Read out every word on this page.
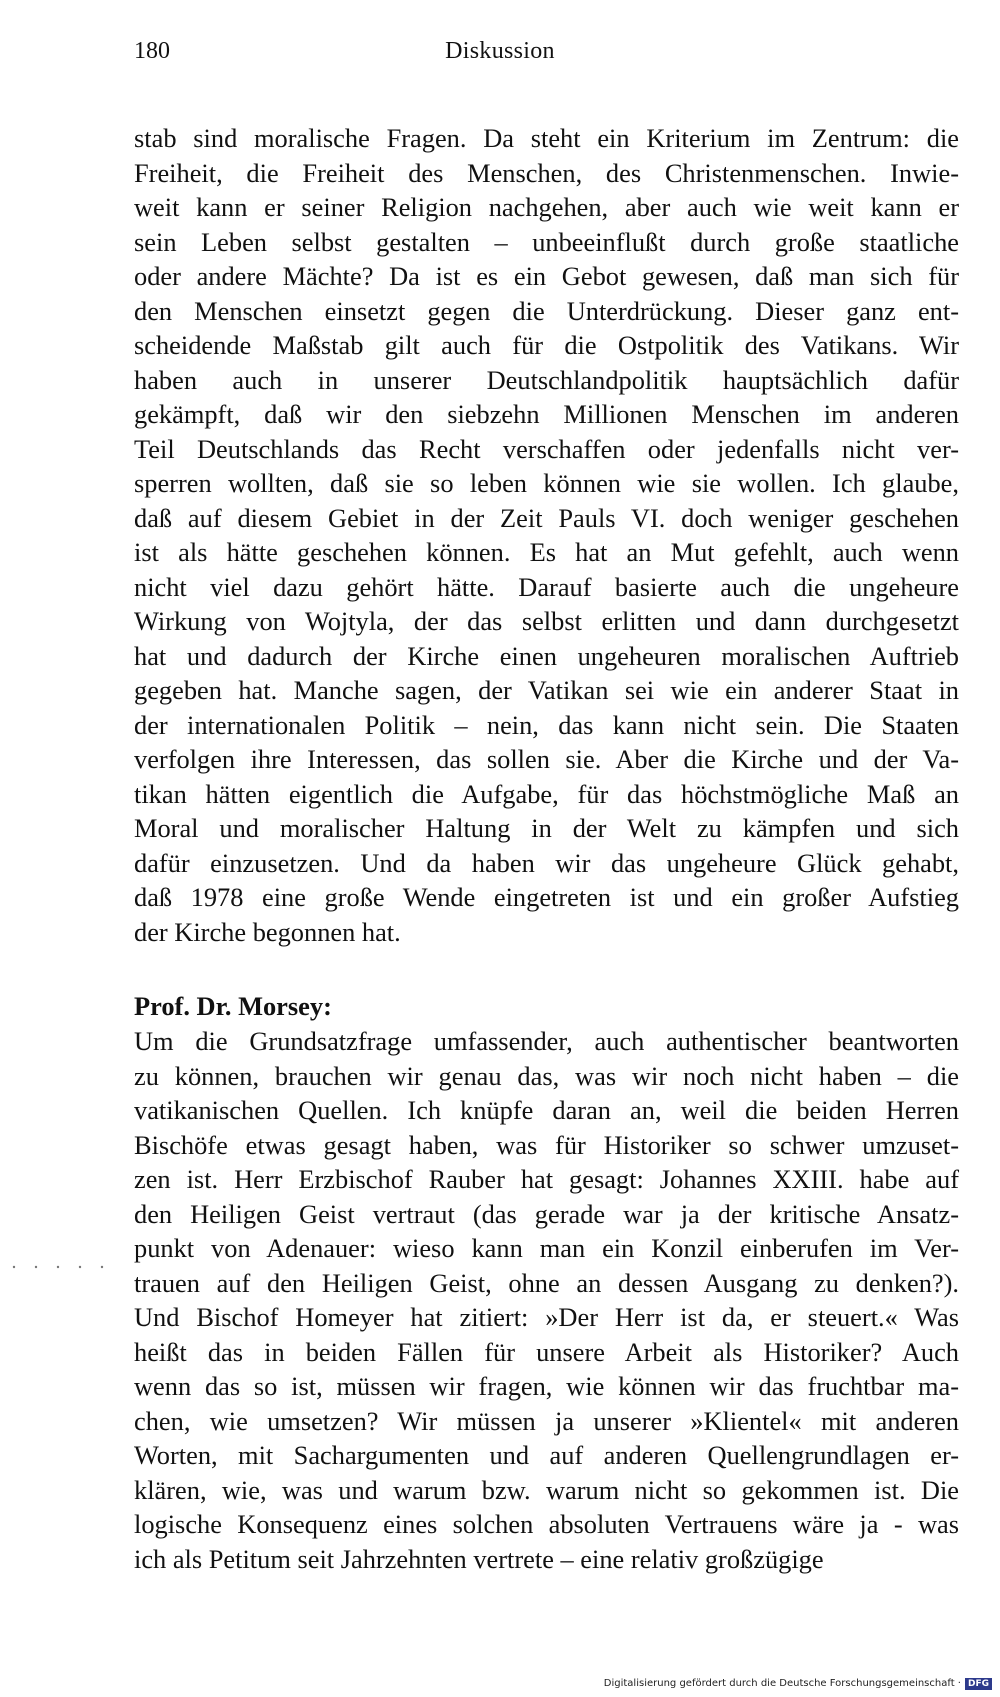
180	Diskussion
stab sind moralische Fragen. Da steht ein Kriterium im Zentrum: die
Freiheit, die Freiheit des Menschen, des Christenmenschen. Inwie-
weit kann er seiner Religion nachgehen, aber auch wie weit kann er
sein Leben selbst gestalten – unbeeinflußt durch große staatliche
oder andere Mächte? Da ist es ein Gebot gewesen, daß man sich für
den Menschen einsetzt gegen die Unterdrückung. Dieser ganz ent-
scheidende Maßstab gilt auch für die Ostpolitik des Vatikans. Wir
haben auch in unserer Deutschlandpolitik hauptsächlich dafür
gekämpft, daß wir den siebzehn Millionen Menschen im anderen
Teil Deutschlands das Recht verschaffen oder jedenfalls nicht ver-
sperren wollten, daß sie so leben können wie sie wollen. Ich glaube,
daß auf diesem Gebiet in der Zeit Pauls VI. doch weniger geschehen
ist als hätte geschehen können. Es hat an Mut gefehlt, auch wenn
nicht viel dazu gehört hätte. Darauf basierte auch die ungeheure
Wirkung von Wojtyla, der das selbst erlitten und dann durchgesetzt
hat und dadurch der Kirche einen ungeheuren moralischen Auftrieb
gegeben hat. Manche sagen, der Vatikan sei wie ein anderer Staat in
der internationalen Politik – nein, das kann nicht sein. Die Staaten
verfolgen ihre Interessen, das sollen sie. Aber die Kirche und der Va-
tikan hätten eigentlich die Aufgabe, für das höchstmögliche Maß an
Moral und moralischer Haltung in der Welt zu kämpfen und sich
dafür einzusetzen. Und da haben wir das ungeheure Glück gehabt,
daß 1978 eine große Wende eingetreten ist und ein großer Aufstieg
der Kirche begonnen hat.
Prof. Dr. Morsey:
Um die Grundsatzfrage umfassender, auch authentischer beantworten
zu können, brauchen wir genau das, was wir noch nicht haben – die
vatikanischen Quellen. Ich knüpfe daran an, weil die beiden Herren
Bischöfe etwas gesagt haben, was für Historiker so schwer umzuset-
zen ist. Herr Erzbischof Rauber hat gesagt: Johannes XXIII. habe auf
den Heiligen Geist vertraut (das gerade war ja der kritische Ansatz-
punkt von Adenauer: wieso kann man ein Konzil einberufen im Ver-
trauen auf den Heiligen Geist, ohne an dessen Ausgang zu denken?).
Und Bischof Homeyer hat zitiert: »Der Herr ist da, er steuert.« Was
heißt das in beiden Fällen für unsere Arbeit als Historiker? Auch
wenn das so ist, müssen wir fragen, wie können wir das fruchtbar ma-
chen, wie umsetzen? Wir müssen ja unserer »Klientel« mit anderen
Worten, mit Sachargumenten und auf anderen Quellengrundlagen er-
klären, wie, was und warum bzw. warum nicht so gekommen ist. Die
logische Konsequenz eines solchen absoluten Vertrauens wäre ja - was
ich als Petitum seit Jahrzehnten vertrete – eine relativ großzügige
Digitalisierung gefördert durch die Deutsche Forschungsgemeinschaft · DFG
